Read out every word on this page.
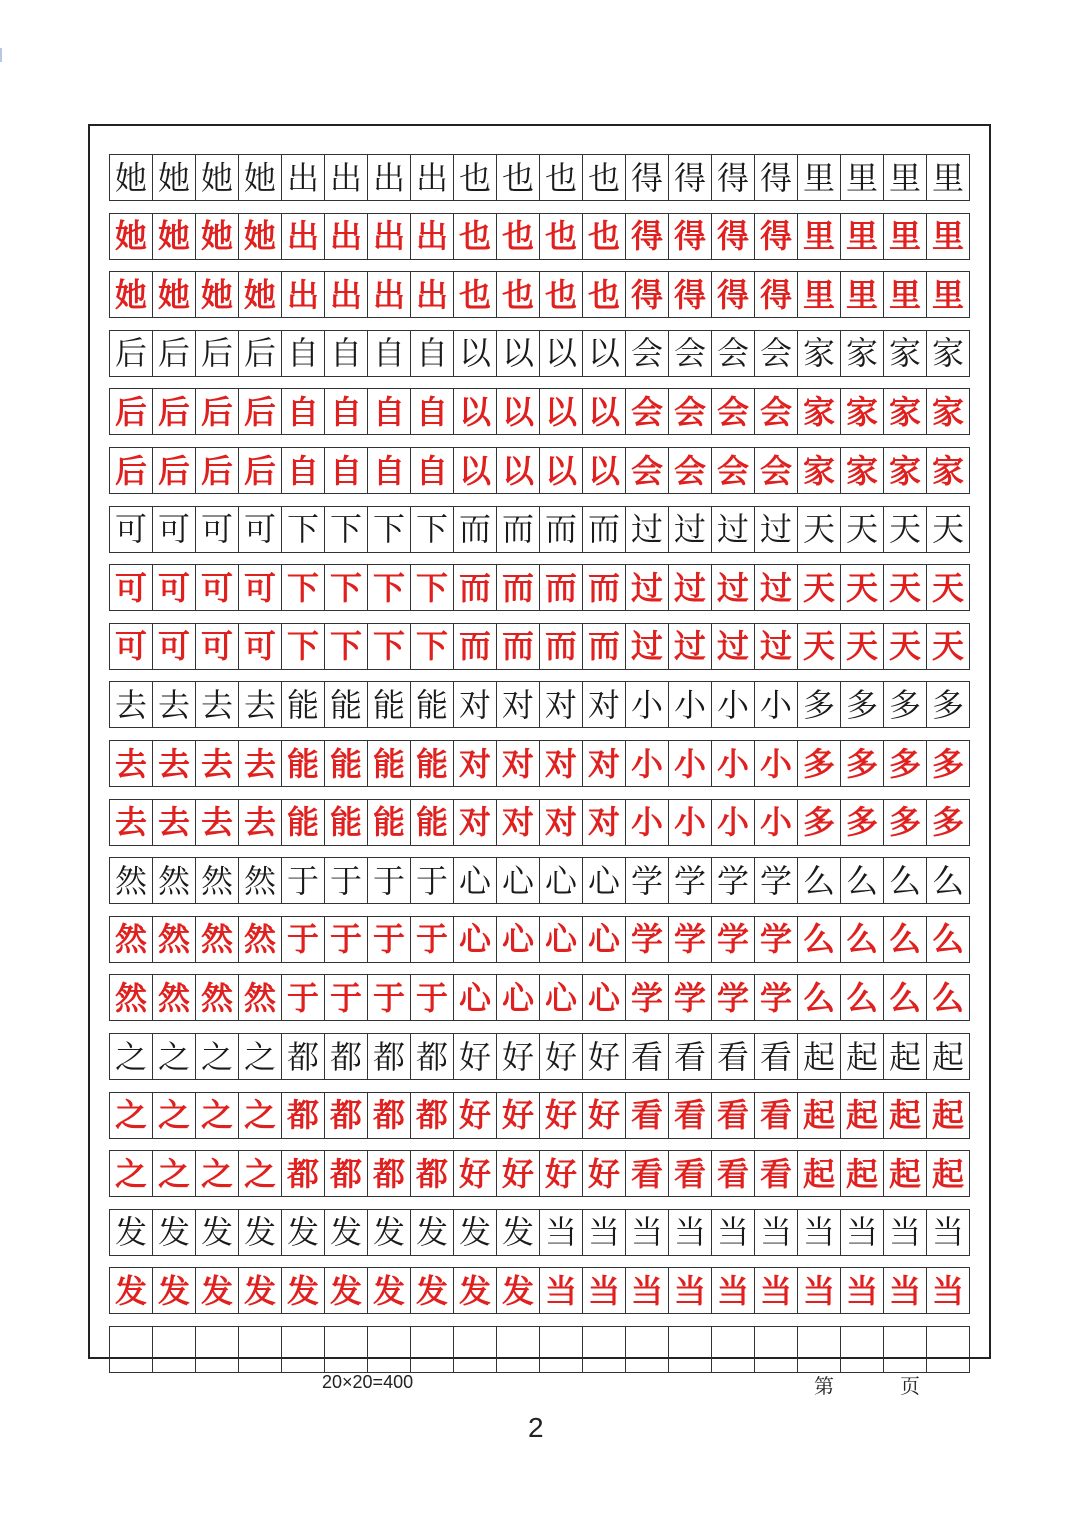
她 她 她 她 出 出 出 出 也 也 也 也 得 得 得 得 里 里 里 里
她 她 她 她 出 出 出 出 也 也 也 也 得 得 得 得 里 里 里 里
她 她 她 她 出 出 出 出 也 也 也 也 得 得 得 得 里 里 里 里
后 后 后 后 自 自 自 自 以 以 以 以 会 会 会 会 家 家 家 家
后 后 后 后 自 自 自 自 以 以 以 以 会 会 会 会 家 家 家 家
后 后 后 后 自 自 自 自 以 以 以 以 会 会 会 会 家 家 家 家
可 可 可 可 下 下 下 下 而 而 而 而 过 过 过 过 天 天 天 天
可 可 可 可 下 下 下 下 而 而 而 而 过 过 过 过 天 天 天 天
可 可 可 可 下 下 下 下 而 而 而 而 过 过 过 过 天 天 天 天
去 去 去 去 能 能 能 能 对 对 对 对 小 小 小 小 多 多 多 多
去 去 去 去 能 能 能 能 对 对 对 对 小 小 小 小 多 多 多 多
去 去 去 去 能 能 能 能 对 对 对 对 小 小 小 小 多 多 多 多
然 然 然 然 于 于 于 于 心 心 心 心 学 学 学 学 么 么 么 么
然 然 然 然 于 于 于 于 心 心 心 心 学 学 学 学 么 么 么 么
然 然 然 然 于 于 于 于 心 心 心 心 学 学 学 学 么 么 么 么
之 之 之 之 都 都 都 都 好 好 好 好 看 看 看 看 起 起 起 起
之 之 之 之 都 都 都 都 好 好 好 好 看 看 看 看 起 起 起 起
之 之 之 之 都 都 都 都 好 好 好 好 看 看 看 看 起 起 起 起
发 发 发 发 发 发 发 发 发 发 当 当 当 当 当 当 当 当 当 当
发 发 发 发 发 发 发 发 发 发 当 当 当 当 当 当 当 当 当 当
20×20=400	第	页
2
